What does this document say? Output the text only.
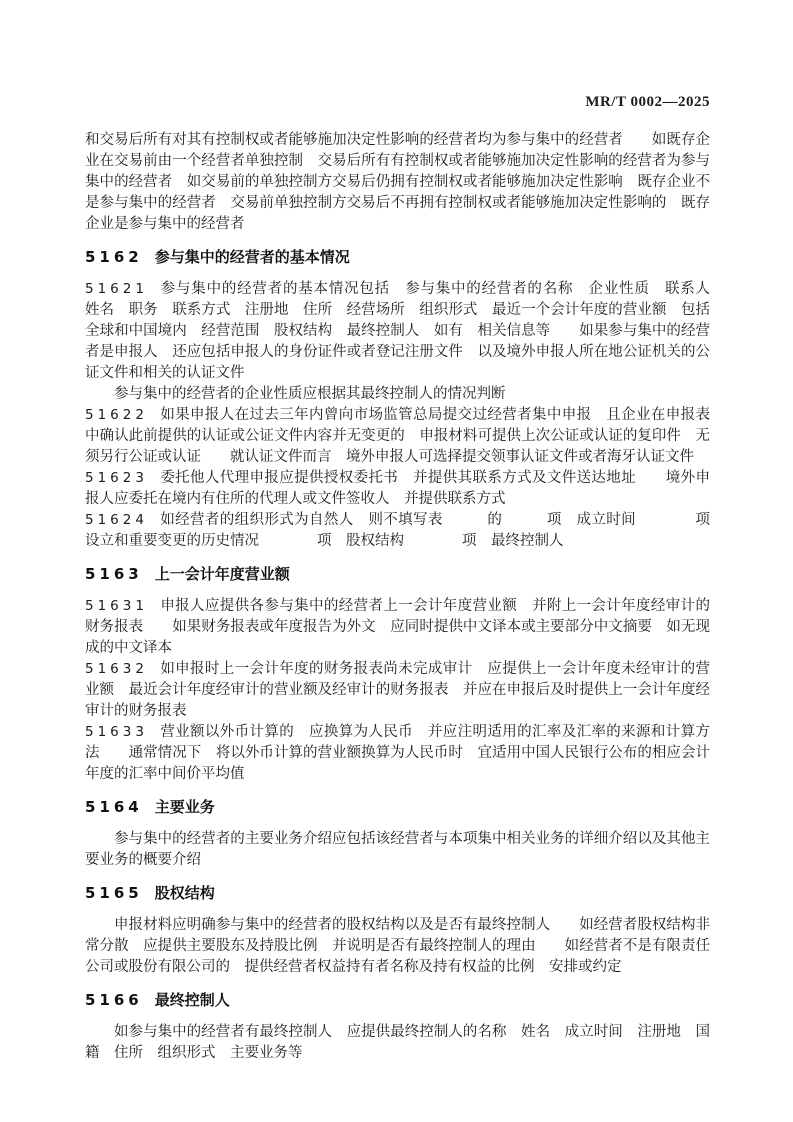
MR/T 0002—2025

和交易后所有对其有控制权或者能够施加决定性影响的经营者均为参与集中的经营者　　如既存企业在交易前由一个经营者单独控制　交易后所有有控制权或者能够施加决定性影响的经营者为参与集中的经营者　如交易前的单独控制方交易后仍拥有控制权或者能够施加决定性影响　既存企业不是参与集中的经营者　交易前单独控制方交易后不再拥有控制权或者能够施加决定性影响的　既存企业是参与集中的经营者

5162 参与集中的经营者的基本情况

51621 参与集中的经营者的基本情况包括　参与集中的经营者的名称　企业性质　联系人　姓名　职务　联系方式　注册地　住所　经营场所　组织形式　最近一个会计年度的营业额　包括全球和中国境内　经营范围　股权结构　最终控制人　如有　相关信息等　　如果参与集中的经营者是申报人　还应包括申报人的身份证件或者登记注册文件　以及境外申报人所在地公证机关的公证文件和相关的认证文件

参与集中的经营者的企业性质应根据其最终控制人的情况判断

51622 如果申报人在过去三年内曾向市场监管总局提交过经营者集中申报　且企业在申报表中确认此前提供的认证或公证文件内容并无变更的　申报材料可提供上次公证或认证的复印件　无须另行公证或认证　　就认证文件而言　境外申报人可选择提交领事认证文件或者海牙认证文件

51623 委托他人代理申报应提供授权委托书　并提供其联系方式及文件送达地址　　境外申报人应委托在境内有住所的代理人或文件签收人　并提供联系方式

51624 如经营者的组织形式为自然人　则不填写表　　　的　　　项　成立时间　　　　项　设立和重要变更的历史情况　　　　项　股权结构　　　　项　最终控制人

5163 上一会计年度营业额

51631 申报人应提供各参与集中的经营者上一会计年度营业额　并附上一会计年度经审计的财务报表　　如果财务报表或年度报告为外文　应同时提供中文译本或主要部分中文摘要　如无现成的中文译本

51632 如申报时上一会计年度的财务报表尚未完成审计　应提供上一会计年度未经审计的营业额　最近会计年度经审计的营业额及经审计的财务报表　并应在申报后及时提供上一会计年度经审计的财务报表

51633 营业额以外币计算的　应换算为人民币　并应注明适用的汇率及汇率的来源和计算方法　　通常情况下　将以外币计算的营业额换算为人民币时　宜适用中国人民银行公布的相应会计年度的汇率中间价平均值

5164 主要业务

参与集中的经营者的主要业务介绍应包括该经营者与本项集中相关业务的详细介绍以及其他主要业务的概要介绍

5165 股权结构

申报材料应明确参与集中的经营者的股权结构以及是否有最终控制人　　如经营者股权结构非常分散　应提供主要股东及持股比例　并说明是否有最终控制人的理由　　如经营者不是有限责任公司或股份有限公司的　提供经营者权益持有者名称及持有权益的比例　安排或约定

5166 最终控制人

如参与集中的经营者有最终控制人　应提供最终控制人的名称　姓名　成立时间　注册地　国籍　住所　组织形式　主要业务等
